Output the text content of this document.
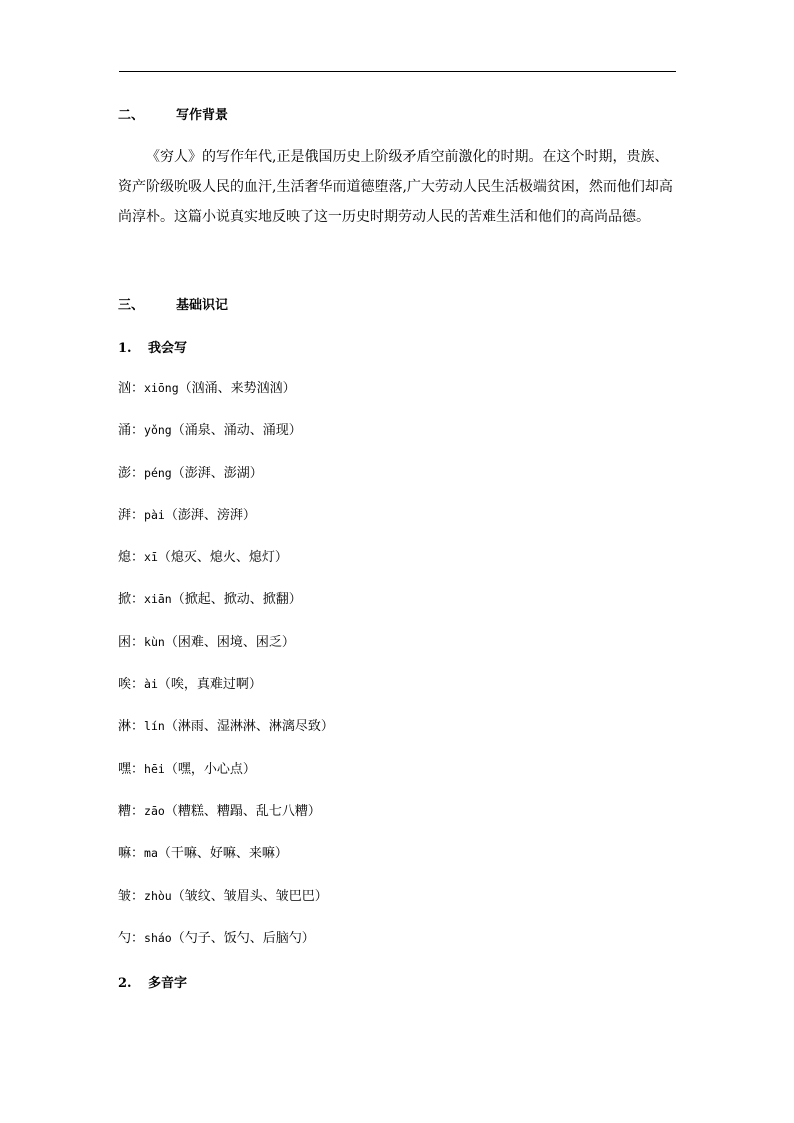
二、 写作背景

《穷人》的写作年代,正是俄国历史上阶级矛盾空前激化的时期。在这个时期，贵族、资产阶级吮吸人民的血汗,生活奢华而道德堕落,广大劳动人民生活极端贫困，然而他们却高尚淳朴。这篇小说真实地反映了这一历史时期劳动人民的苦难生活和他们的高尚品德。

三、 基础识记
1. 我会写
汹：xiōng（汹涌、来势汹汹）
涌：yǒng（涌泉、涌动、涌现）
澎：péng（澎湃、澎湖）
湃：pài（澎湃、滂湃）
熄：xī（熄灭、熄火、熄灯）
掀：xiān（掀起、掀动、掀翻）
困：kùn（困难、困境、困乏）
唉：ài（唉，真难过啊）
淋：lín（淋雨、湿淋淋、淋漓尽致）
嘿：hēi（嘿，小心点）
糟：zāo（糟糕、糟蹋、乱七八糟）
嘛：ma（干嘛、好嘛、来嘛）
皱：zhòu（皱纹、皱眉头、皱巴巴）
勺：sháo（勺子、饭勺、后脑勺）
2. 多音字
